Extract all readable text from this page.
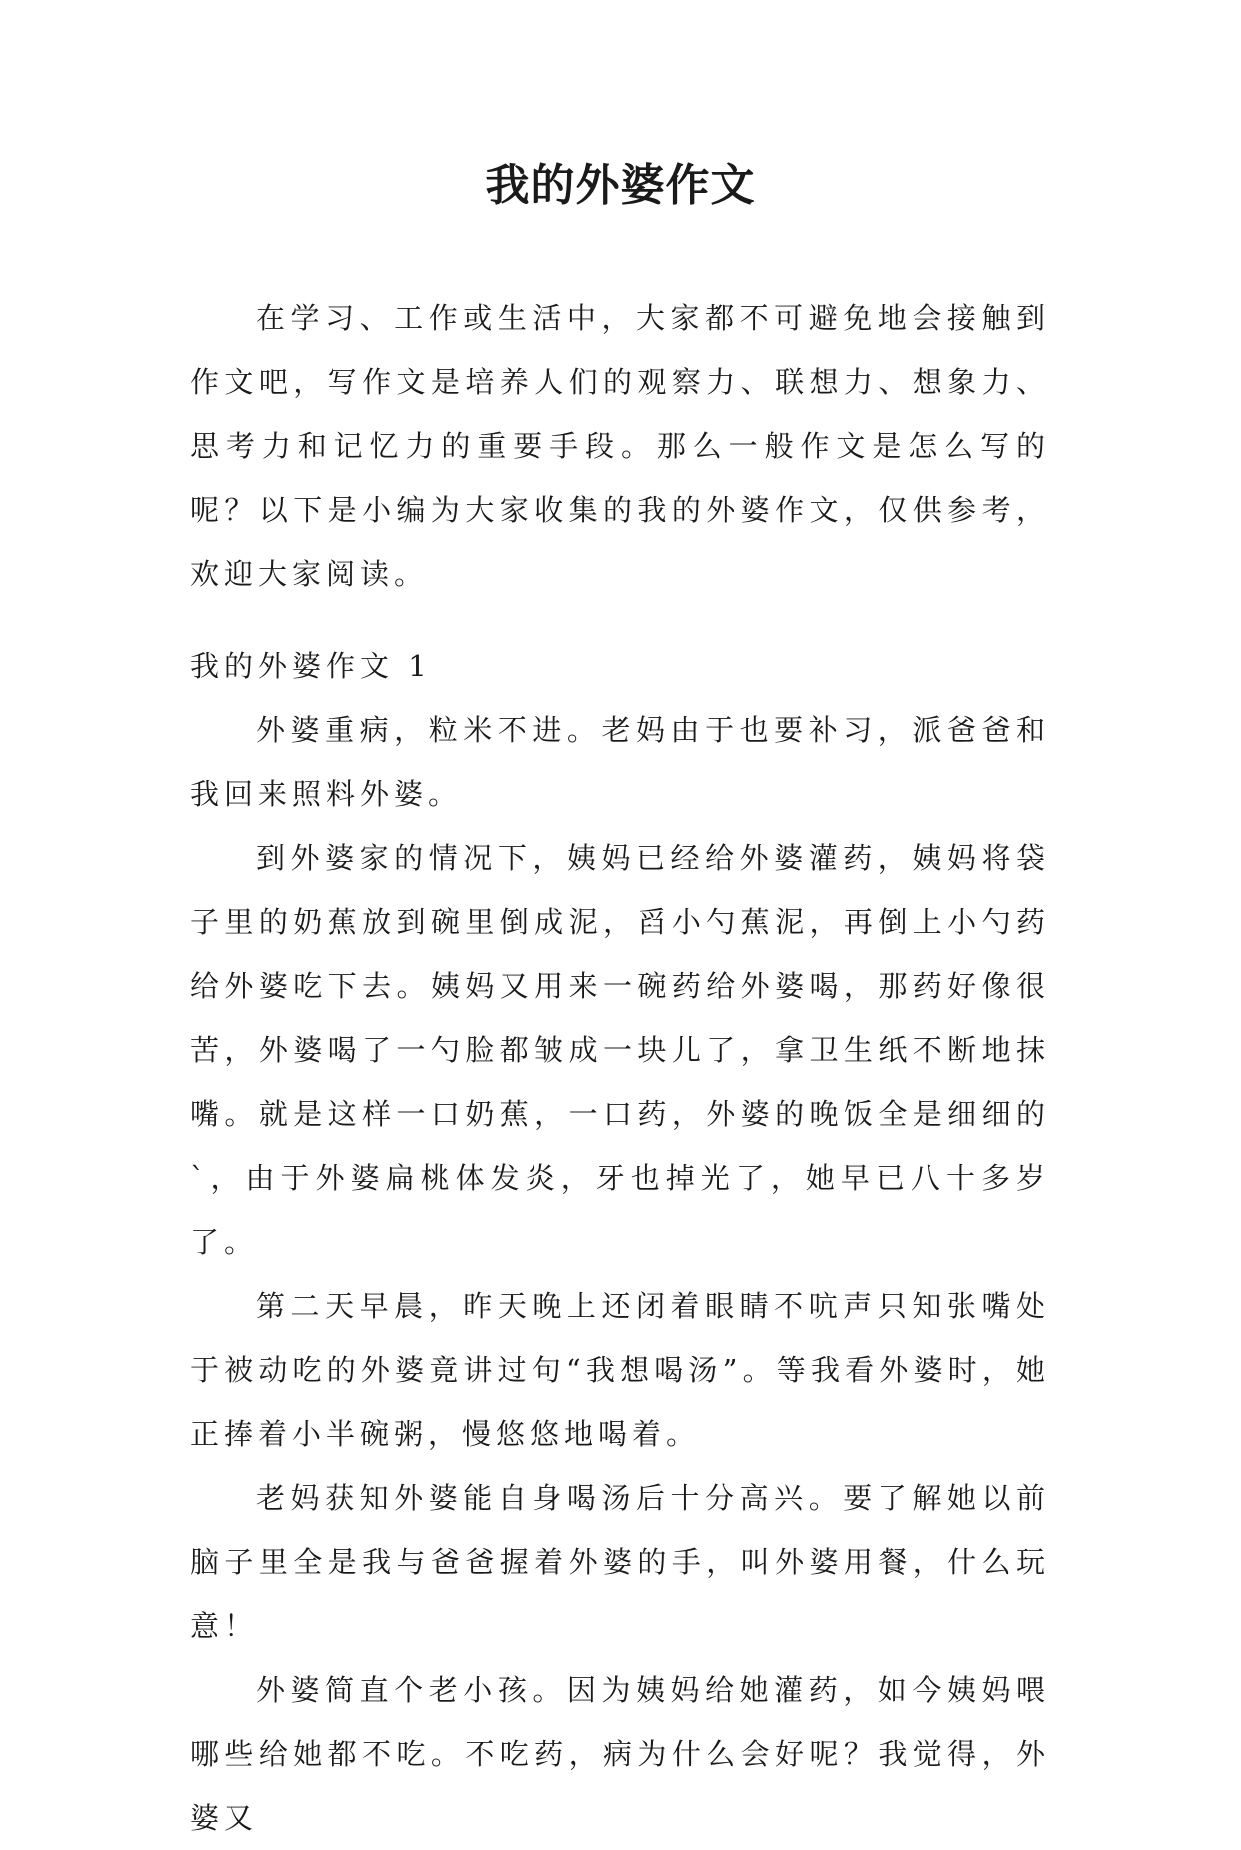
我的外婆作文

在学习、工作或生活中，大家都不可避免地会接触到作文吧，写作文是培养人们的观察力、联想力、想象力、思考力和记忆力的重要手段。那么一般作文是怎么写的呢？以下是小编为大家收集的我的外婆作文，仅供参考，欢迎大家阅读。

我的外婆作文 1

外婆重病，粒米不进。老妈由于也要补习，派爸爸和我回来照料外婆。

到外婆家的情况下，姨妈已经给外婆灌药，姨妈将袋子里的奶蕉放到碗里倒成泥，舀小勺蕉泥，再倒上小勺药给外婆吃下去。姨妈又用来一碗药给外婆喝，那药好像很苦，外婆喝了一勺脸都皱成一块儿了，拿卫生纸不断地抹嘴。就是这样一口奶蕉，一口药，外婆的晚饭全是细细的`，由于外婆扁桃体发炎，牙也掉光了，她早已八十多岁了。

第二天早晨，昨天晚上还闭着眼睛不吭声只知张嘴处于被动吃的外婆竟讲过句“我想喝汤”。等我看外婆时，她正捧着小半碗粥，慢悠悠地喝着。

老妈获知外婆能自身喝汤后十分高兴。要了解她以前脑子里全是我与爸爸握着外婆的手，叫外婆用餐，什么玩意！

外婆简直个老小孩。因为姨妈给她灌药，如今姨妈喂哪些给她都不吃。不吃药，病为什么会好呢？我觉得，外婆又
